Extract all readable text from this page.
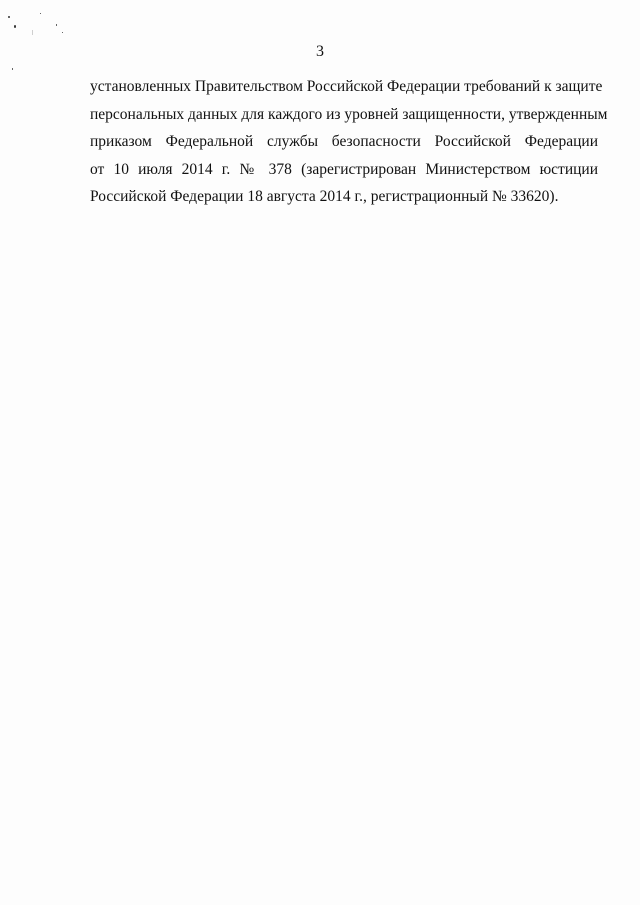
3

установленных Правительством Российской Федерации требований к защите
персональных данных для каждого из уровней защищенности, утвержденным
приказом Федеральной службы безопасности Российской Федерации
от 10 июля 2014 г. № 378 (зарегистрирован Министерством юстиции
Российской Федерации 18 августа 2014 г., регистрационный № 33620).
